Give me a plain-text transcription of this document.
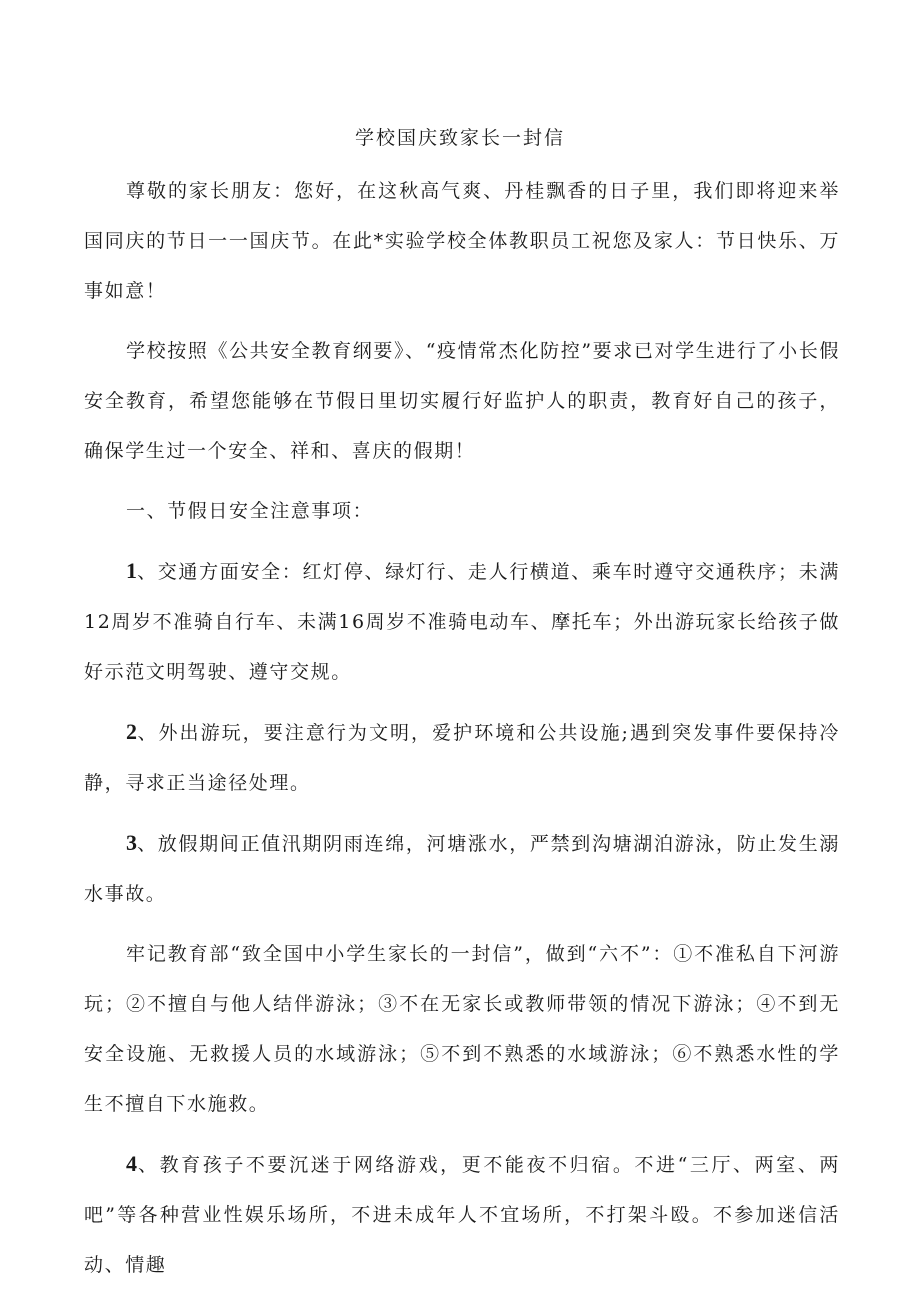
学校国庆致家长一封信

尊敬的家长朋友：您好，在这秋高气爽、丹桂飘香的日子里，我们即将迎来举国同庆的节日一一国庆节。在此*实验学校全体教职员工祝您及家人：节日快乐、万事如意！

学校按照《公共安全教育纲要》、“疫情常杰化防控”要求已对学生进行了小长假安全教育，希望您能够在节假日里切实履行好监护人的职责，教育好自己的孩子，确保学生过一个安全、祥和、喜庆的假期！

一、节假日安全注意事项：

1、交通方面安全：红灯停、绿灯行、走人行横道、乘车时遵守交通秩序；未满12周岁不准骑自行车、未满16周岁不准骑电动车、摩托车；外出游玩家长给孩子做好示范文明驾驶、遵守交规。

2、外出游玩，要注意行为文明，爱护环境和公共设施;遇到突发事件要保持冷静，寻求正当途径处理。

3、放假期间正值汛期阴雨连绵，河塘涨水，严禁到沟塘湖泊游泳，防止发生溺水事故。

牢记教育部“致全国中小学生家长的一封信”，做到“六不”：①不准私自下河游玩；②不擅自与他人结伴游泳；③不在无家长或教师带领的情况下游泳；④不到无安全设施、无救援人员的水域游泳；⑤不到不熟悉的水域游泳；⑥不熟悉水性的学生不擅自下水施救。

4、教育孩子不要沉迷于网络游戏，更不能夜不归宿。不进“三厅、两室、两吧”等各种营业性娱乐场所，不进未成年人不宜场所，不打架斗殴。不参加迷信活动、情趣
